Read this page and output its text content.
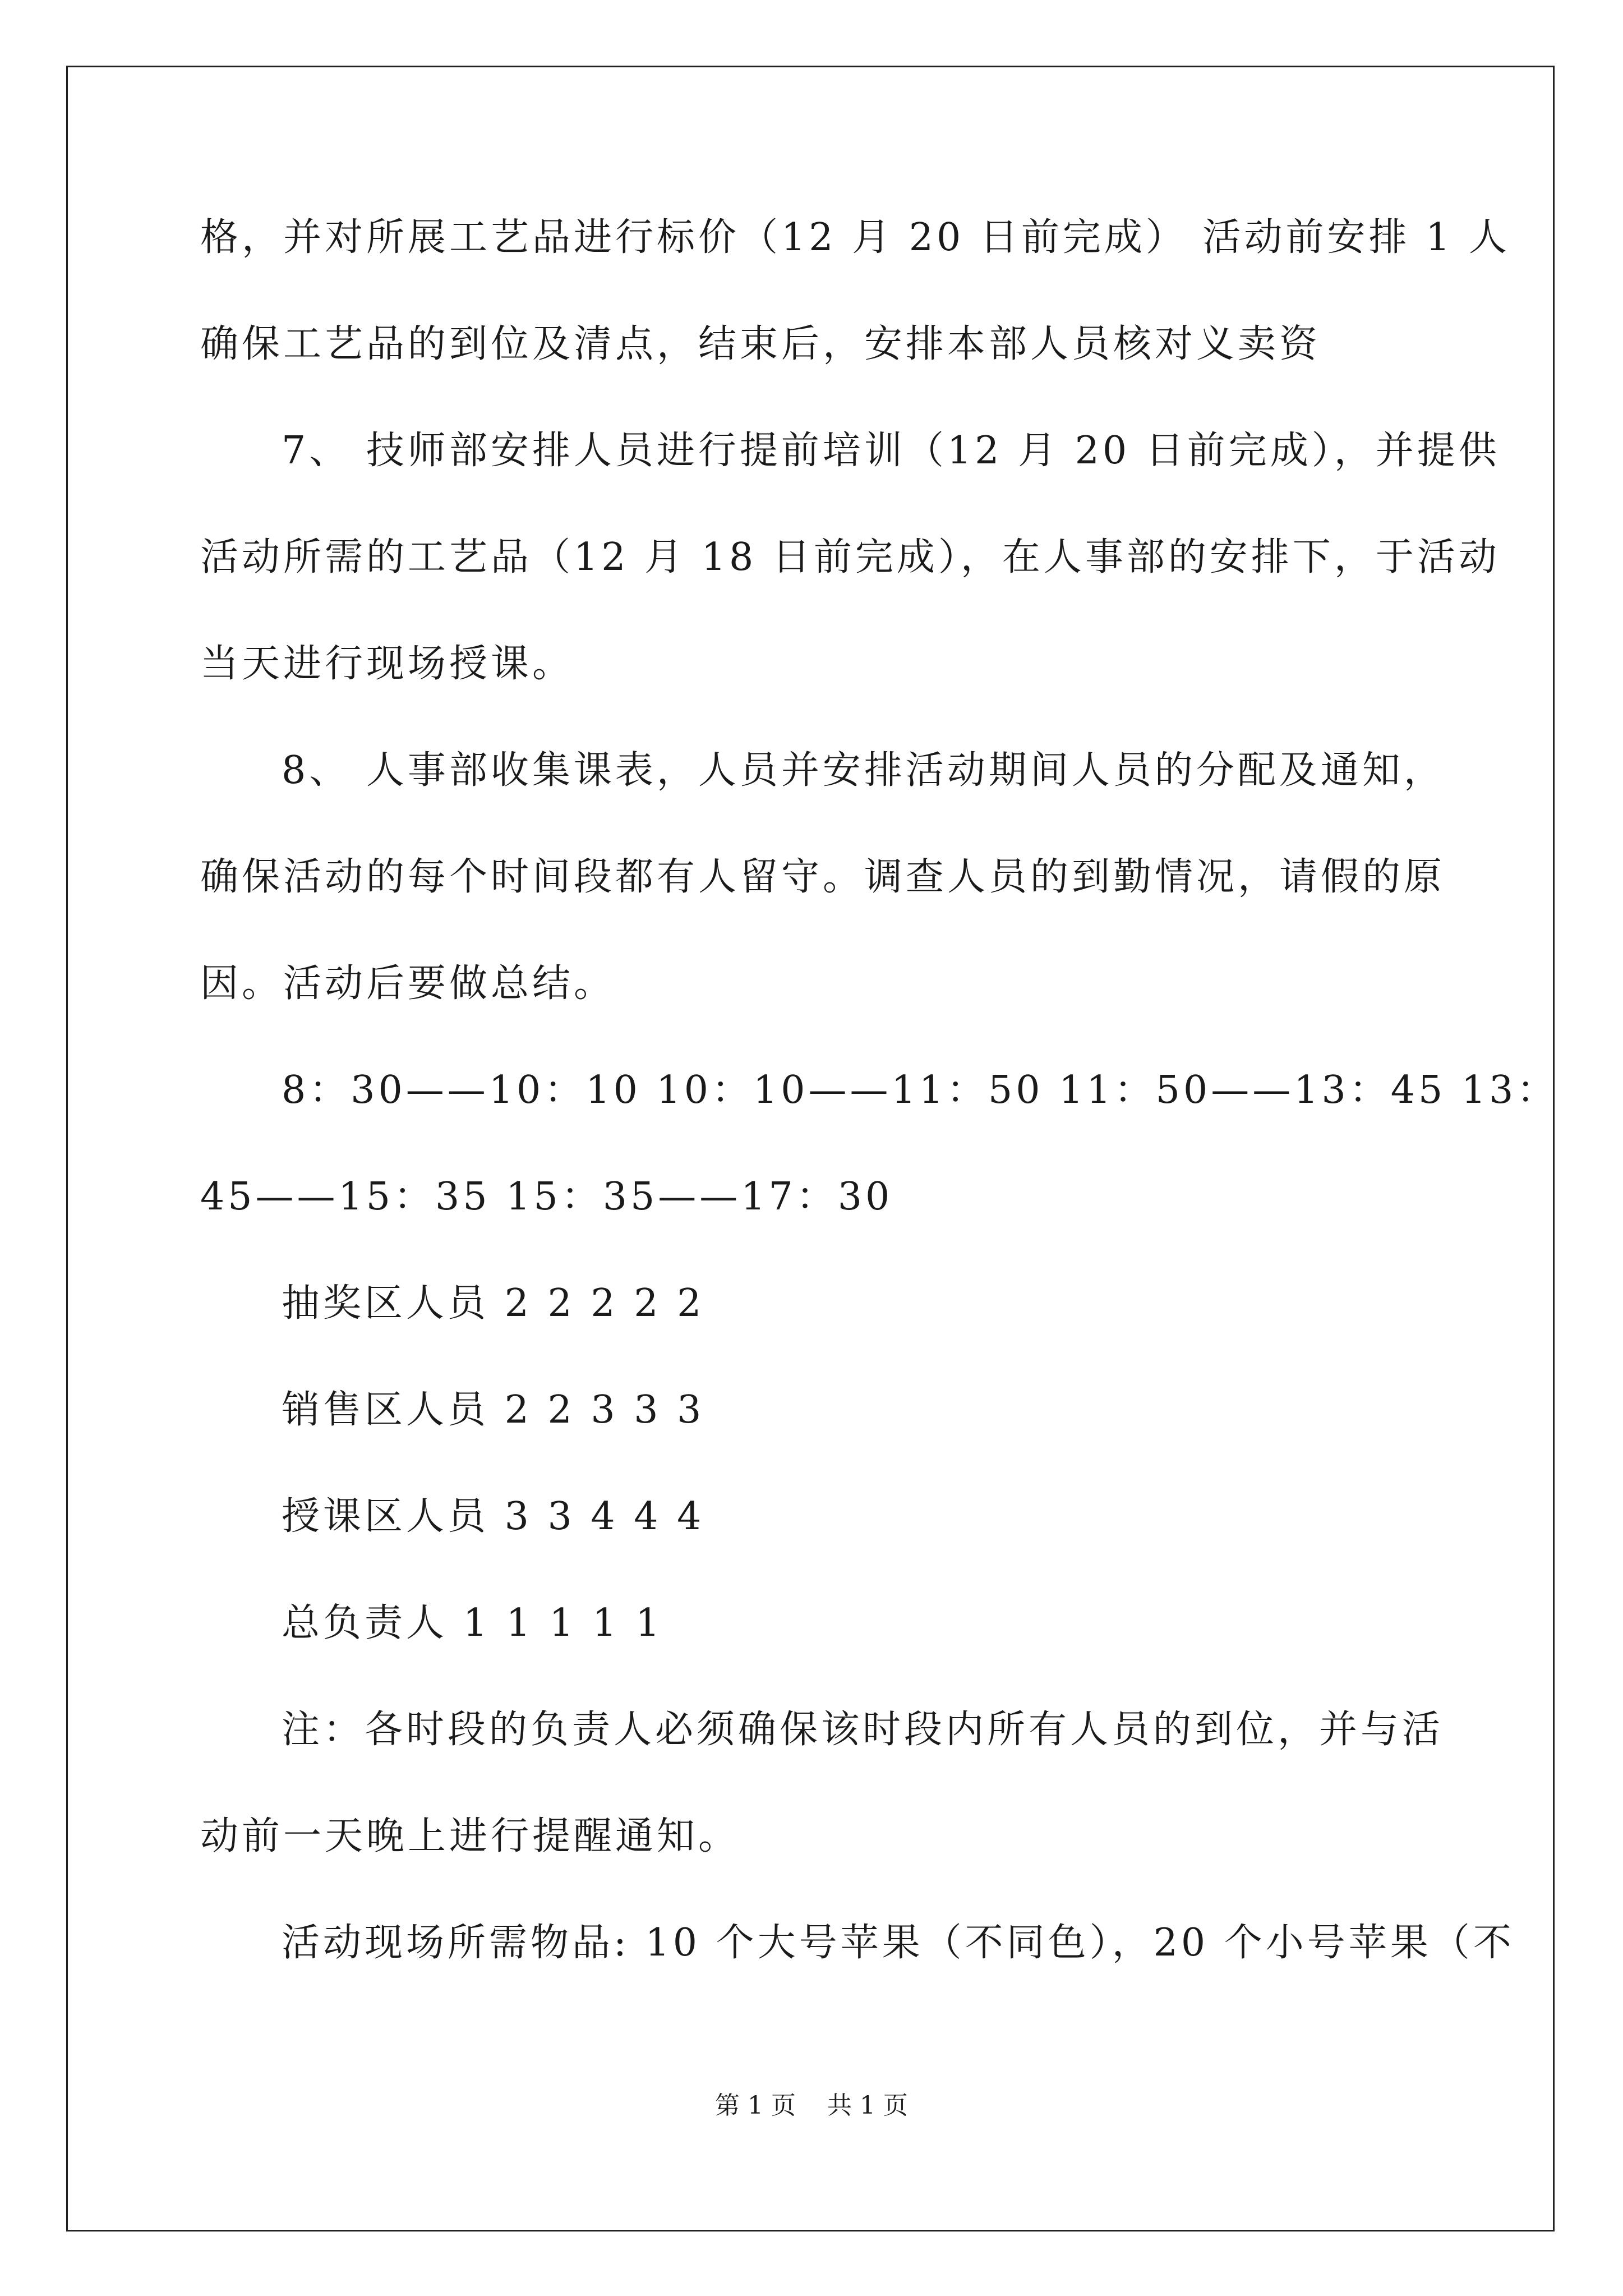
格，并对所展工艺品进行标价（12 月 20 日前完成） 活动前安排 1 人

确保工艺品的到位及清点，结束后，安排本部人员核对义卖资

7、 技师部安排人员进行提前培训（12 月 20 日前完成），并提供

活动所需的工艺品（12 月 18 日前完成），在人事部的安排下，于活动

当天进行现场授课。

8、 人事部收集课表，人员并安排活动期间人员的分配及通知，

确保活动的每个时间段都有人留守。调查人员的到勤情况，请假的原

因。活动后要做总结。

8：30——10：10 10：10——11：50 11：50——13：45 13：

45——15：35 15：35——17：30

抽奖区人员 2 2 2 2 2

销售区人员 2 2 3 3 3

授课区人员 3 3 4 4 4

总负责人 1 1 1 1 1

注：各时段的负责人必须确保该时段内所有人员的到位，并与活

动前一天晚上进行提醒通知。

活动现场所需物品: 10 个大号苹果（不同色），20 个小号苹果（不

第 1 页    共 1 页
